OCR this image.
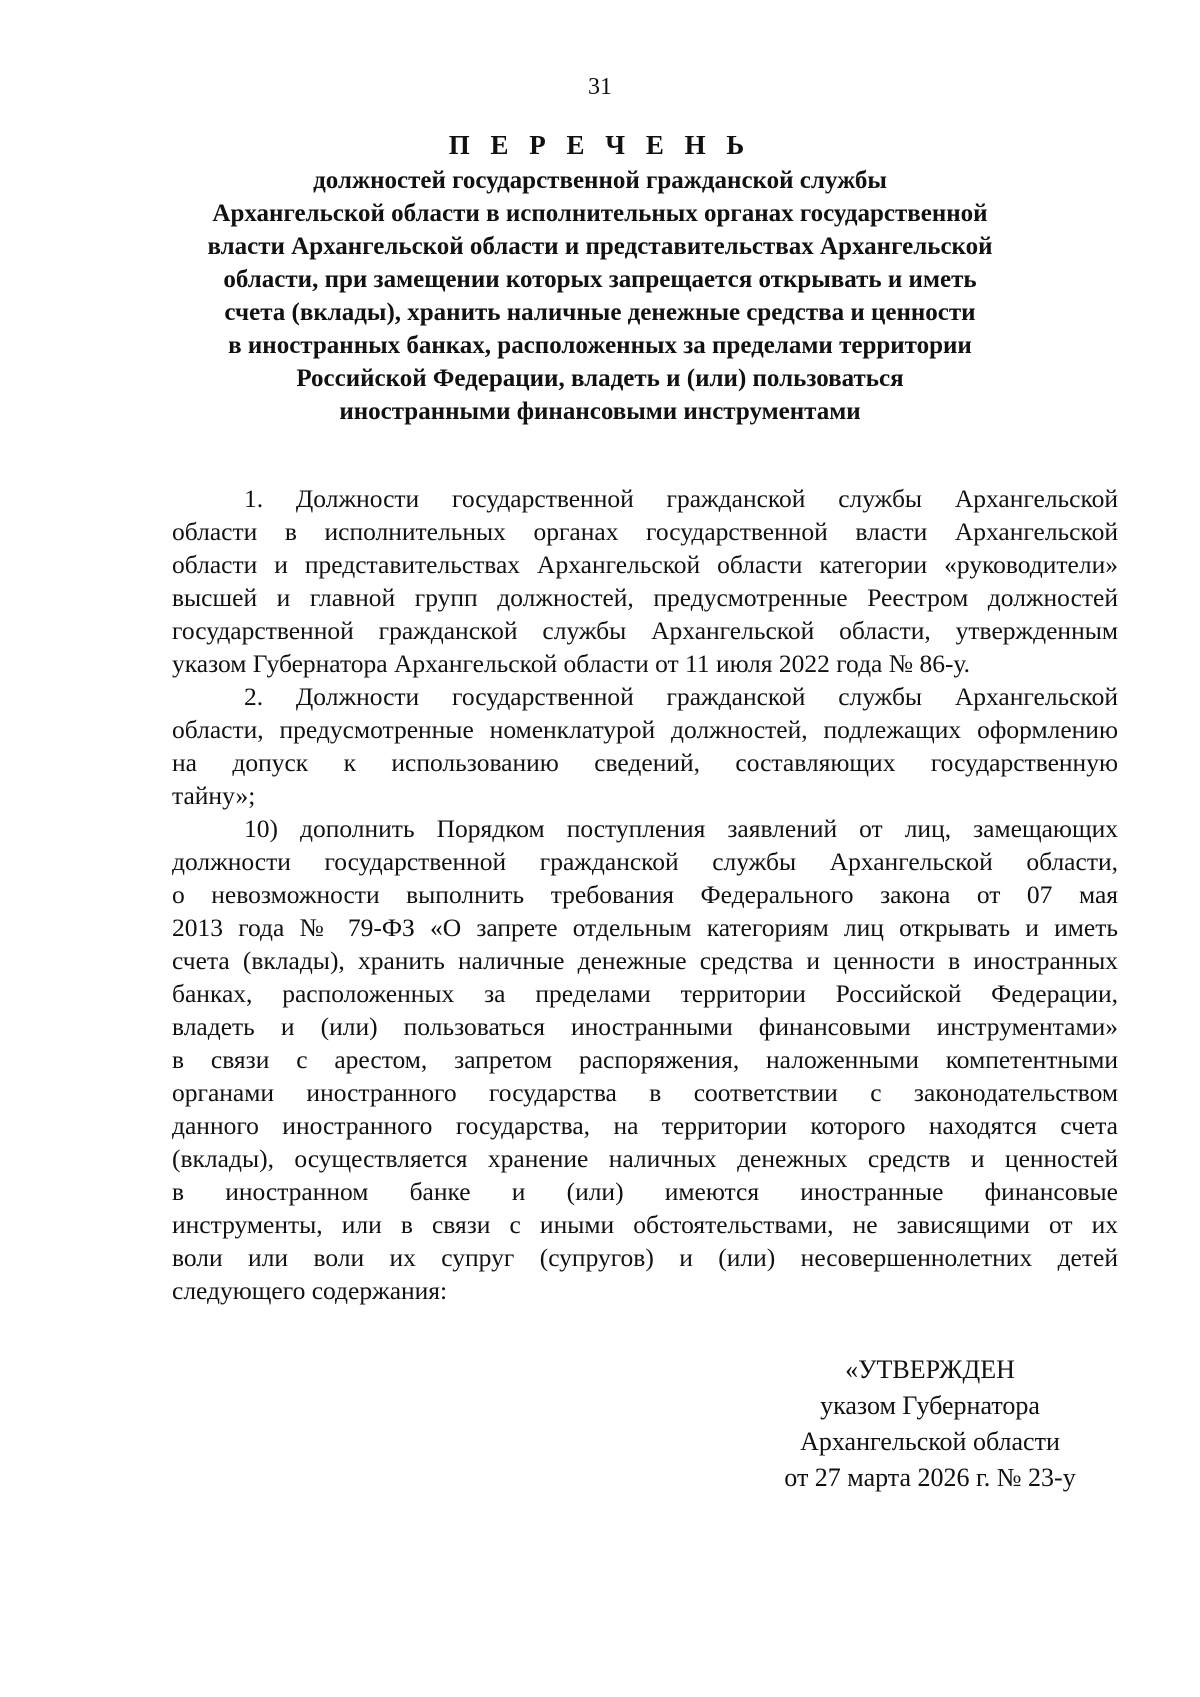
31
П Е Р Е Ч Е Н Ь
должностей государственной гражданской службы
Архангельской области в исполнительных органах государственной
власти Архангельской области и представительствах Архангельской
области, при замещении которых запрещается открывать и иметь
счета (вклады), хранить наличные денежные средства и ценности
в иностранных банках, расположенных за пределами территории
Российской Федерации, владеть и (или) пользоваться
иностранными финансовыми инструментами
1. Должности государственной гражданской службы Архангельской
области в исполнительных органах государственной власти Архангельской
области и представительствах Архангельской области категории «руководители»
высшей и главной групп должностей, предусмотренные Реестром должностей
государственной гражданской службы Архангельской области, утвержденным
указом Губернатора Архангельской области от 11 июля 2022 года № 86-у.
2. Должности государственной гражданской службы Архангельской
области, предусмотренные номенклатурой должностей, подлежащих оформлению
на допуск к использованию сведений, составляющих государственную
тайну»;
10) дополнить Порядком поступления заявлений от лиц, замещающих
должности государственной гражданской службы Архангельской области,
о невозможности выполнить требования Федерального закона от 07 мая
2013 года № 79-ФЗ «О запрете отдельным категориям лиц открывать и иметь
счета (вклады), хранить наличные денежные средства и ценности в иностранных
банках, расположенных за пределами территории Российской Федерации,
владеть и (или) пользоваться иностранными финансовыми инструментами»
в связи с арестом, запретом распоряжения, наложенными компетентными
органами иностранного государства в соответствии с законодательством
данного иностранного государства, на территории которого находятся счета
(вклады), осуществляется хранение наличных денежных средств и ценностей
в иностранном банке и (или) имеются иностранные финансовые
инструменты, или в связи с иными обстоятельствами, не зависящими от их
воли или воли их супруг (супругов) и (или) несовершеннолетних детей
следующего содержания:
«УТВЕРЖДЕН
указом Губернатора
Архангельской области
от 27 марта 2026 г. № 23-у
